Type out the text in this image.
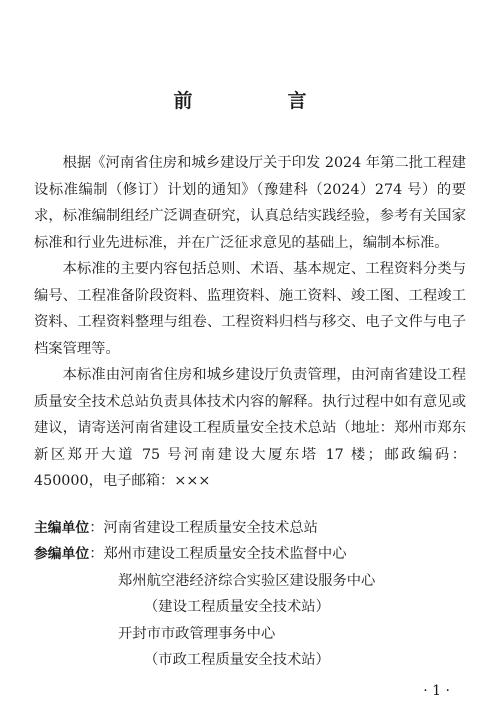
前　言

根据《河南省住房和城乡建设厅关于印发 2024 年第二批工程建设标准编制（修订）计划的通知》（豫建科（2024）274 号）的要求，标准编制组经广泛调查研究，认真总结实践经验，参考有关国家标准和行业先进标准，并在广泛征求意见的基础上，编制本标准。

本标准的主要内容包括总则、术语、基本规定、工程资料分类与编号、工程准备阶段资料、监理资料、施工资料、竣工图、工程竣工资料、工程资料整理与组卷、工程资料归档与移交、电子文件与电子档案管理等。

本标准由河南省住房和城乡建设厅负责管理，由河南省建设工程质量安全技术总站负责具体技术内容的解释。执行过程中如有意见或建议，请寄送河南省建设工程质量安全技术总站（地址：郑州市郑东新区郑开大道 75 号河南建设大厦东塔 17 楼；邮政编码：450000，电子邮箱：×××

主编单位：河南省建设工程质量安全技术总站
参编单位：郑州市建设工程质量安全技术监督中心
郑州航空港经济综合实验区建设服务中心
（建设工程质量安全技术站）
开封市市政管理事务中心
（市政工程质量安全技术站）
· 1 ·
